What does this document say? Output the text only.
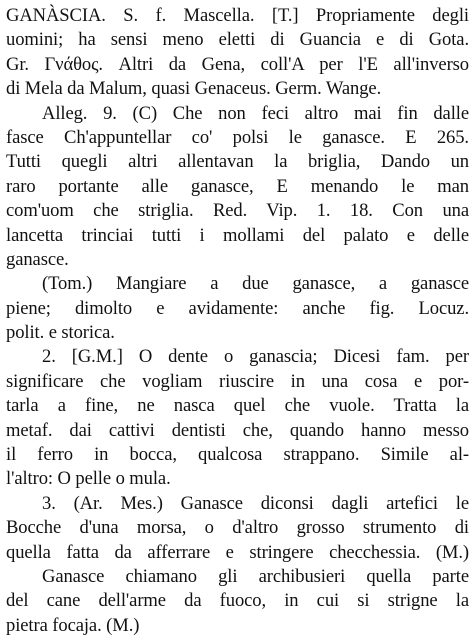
GANÀSCIA. S. f. Mascella. [T.] Propriamente degli
uomini; ha sensi meno eletti di Guancia e di Gota.
Gr. Γνάθος. Altri da Gena, coll'A per l'E all'inverso
di Mela da Malum, quasi Genaceus. Germ. Wange.
Alleg. 9. (C) Che non feci altro mai fin dalle
fasce Ch'appuntellar co' polsi le ganasce. E 265.
Tutti quegli altri allentavan la briglia, Dando un
raro portante alle ganasce, E menando le man
com'uom che striglia. Red. Vip. 1. 18. Con una
lancetta trinciai tutti i mollami del palato e delle
ganasce.
(Tom.) Mangiare a due ganasce, a ganasce
piene; dimolto e avidamente: anche fig. Locuz.
polit. e storica.
2. [G.M.] O dente o ganascia; Dicesi fam. per
significare che vogliam riuscire in una cosa e por-
tarla a fine, ne nasca quel che vuole. Tratta la
metaf. dai cattivi dentisti che, quando hanno messo
il ferro in bocca, qualcosa strappano. Simile al-
l'altro: O pelle o mula.
3. (Ar. Mes.) Ganasce diconsi dagli artefici le
Bocche d'una morsa, o d'altro grosso strumento di
quella fatta da afferrare e stringere checchessia. (M.)
Ganasce chiamano gli archibusieri quella parte
del cane dell'arme da fuoco, in cui si strigne la
pietra focaja. (M.)
